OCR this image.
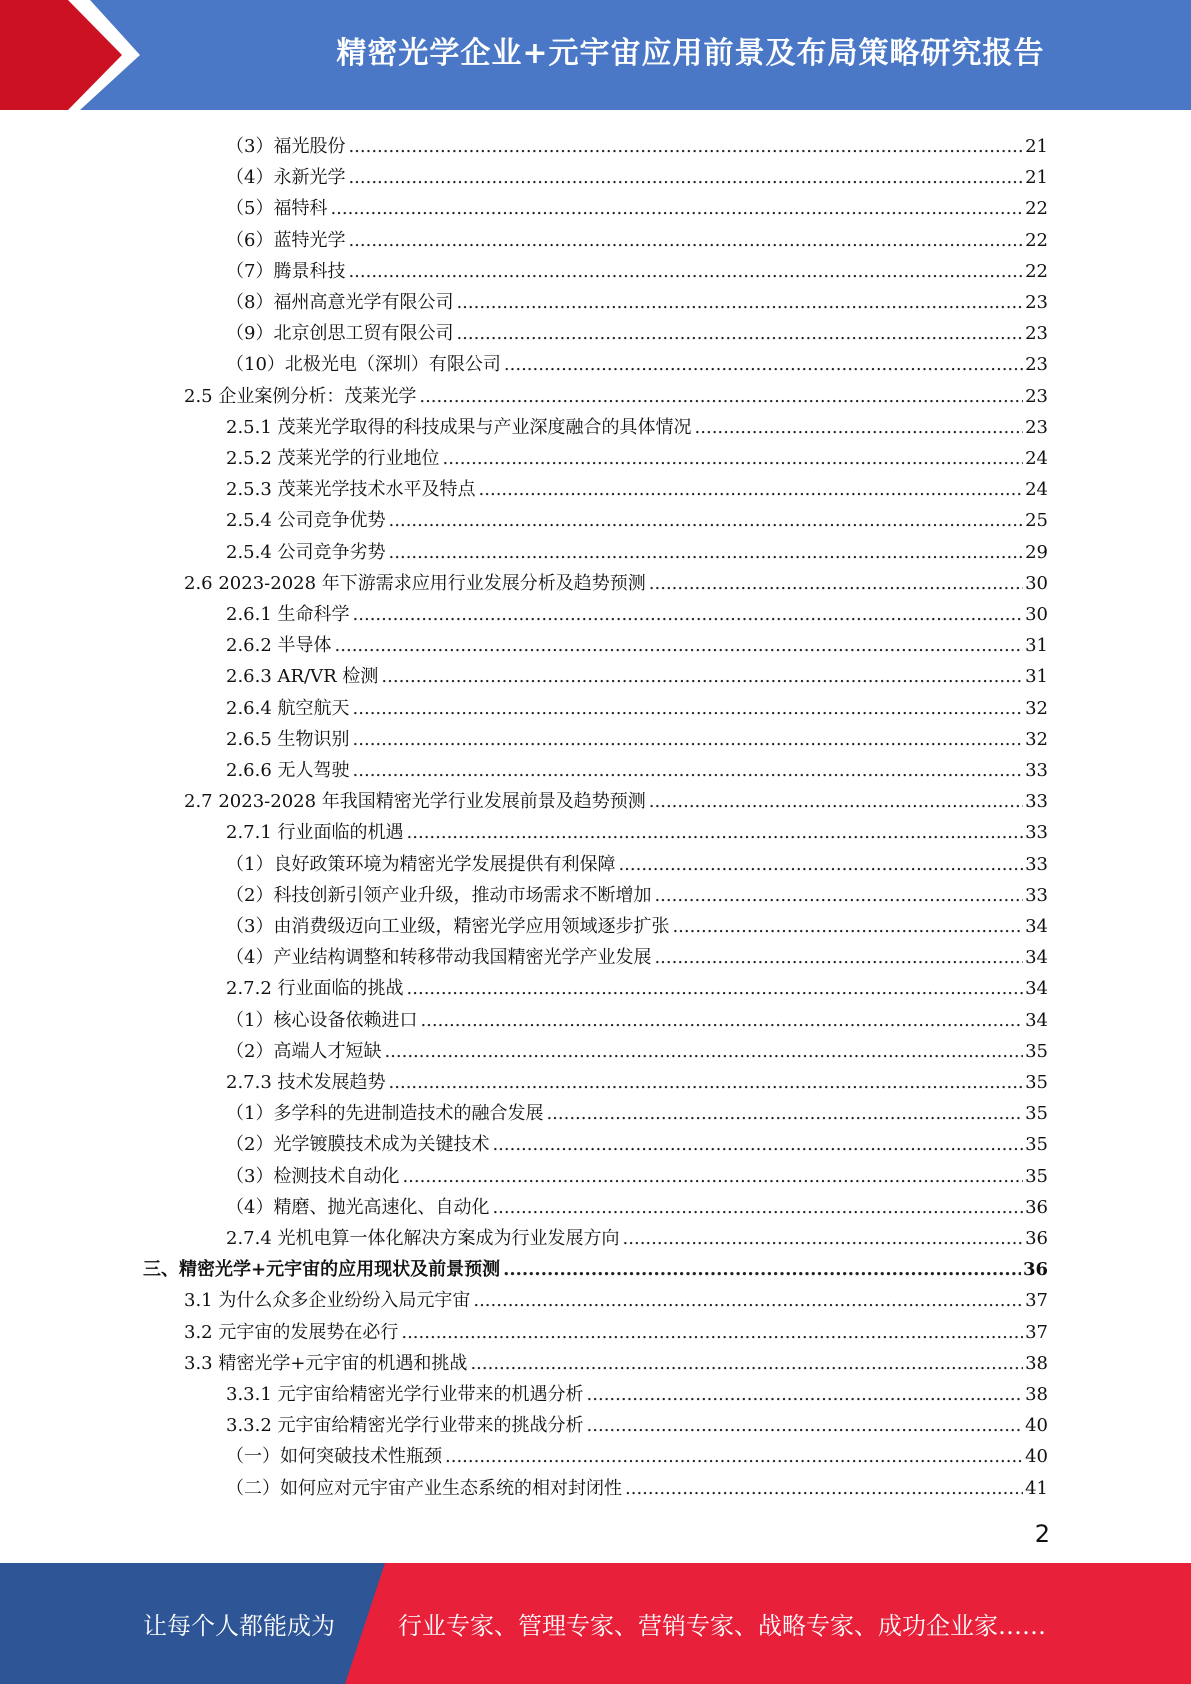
精密光学企业+元宇宙应用前景及布局策略研究报告
（3）福光股份 .....	21
（4）永新光学 .....	21
（5）福特科 .....	22
（6）蓝特光学 .....	22
（7）腾景科技 .....	22
（8）福州高意光学有限公司 .....	23
（9）北京创思工贸有限公司 .....	23
（10）北极光电（深圳）有限公司 .....	23
2.5 企业案例分析：茂莱光学 .....	23
2.5.1 茂莱光学取得的科技成果与产业深度融合的具体情况 .....	23
2.5.2 茂莱光学的行业地位 .....	24
2.5.3 茂莱光学技术水平及特点 .....	24
2.5.4 公司竞争优势 .....	25
2.5.4 公司竞争劣势 .....	29
2.6 2023-2028 年下游需求应用行业发展分析及趋势预测 .....	30
2.6.1 生命科学 .....	30
2.6.2 半导体 .....	31
2.6.3 AR/VR 检测 .....	31
2.6.4 航空航天 .....	32
2.6.5 生物识别 .....	32
2.6.6 无人驾驶 .....	33
2.7 2023-2028 年我国精密光学行业发展前景及趋势预测 .....	33
2.7.1 行业面临的机遇 .....	33
（1）良好政策环境为精密光学发展提供有利保障 .....	33
（2）科技创新引领产业升级，推动市场需求不断增加 .....	33
（3）由消费级迈向工业级，精密光学应用领域逐步扩张 .....	34
（4）产业结构调整和转移带动我国精密光学产业发展 .....	34
2.7.2 行业面临的挑战 .....	34
（1）核心设备依赖进口 .....	34
（2）高端人才短缺 .....	35
2.7.3 技术发展趋势 .....	35
（1）多学科的先进制造技术的融合发展 .....	35
（2）光学镀膜技术成为关键技术 .....	35
（3）检测技术自动化 .....	35
（4）精磨、抛光高速化、自动化 .....	36
2.7.4 光机电算一体化解决方案成为行业发展方向 .....	36
三、精密光学+元宇宙的应用现状及前景预测 .....	36
3.1 为什么众多企业纷纷入局元宇宙 .....	37
3.2 元宇宙的发展势在必行 .....	37
3.3 精密光学+元宇宙的机遇和挑战 .....	38
3.3.1 元宇宙给精密光学行业带来的机遇分析 .....	38
3.3.2 元宇宙给精密光学行业带来的挑战分析 .....	40
（一）如何突破技术性瓶颈 .....	40
（二）如何应对元宇宙产业生态系统的相对封闭性 .....	41
2
让每个人都能成为	行业专家、管理专家、营销专家、战略专家、成功企业家……
